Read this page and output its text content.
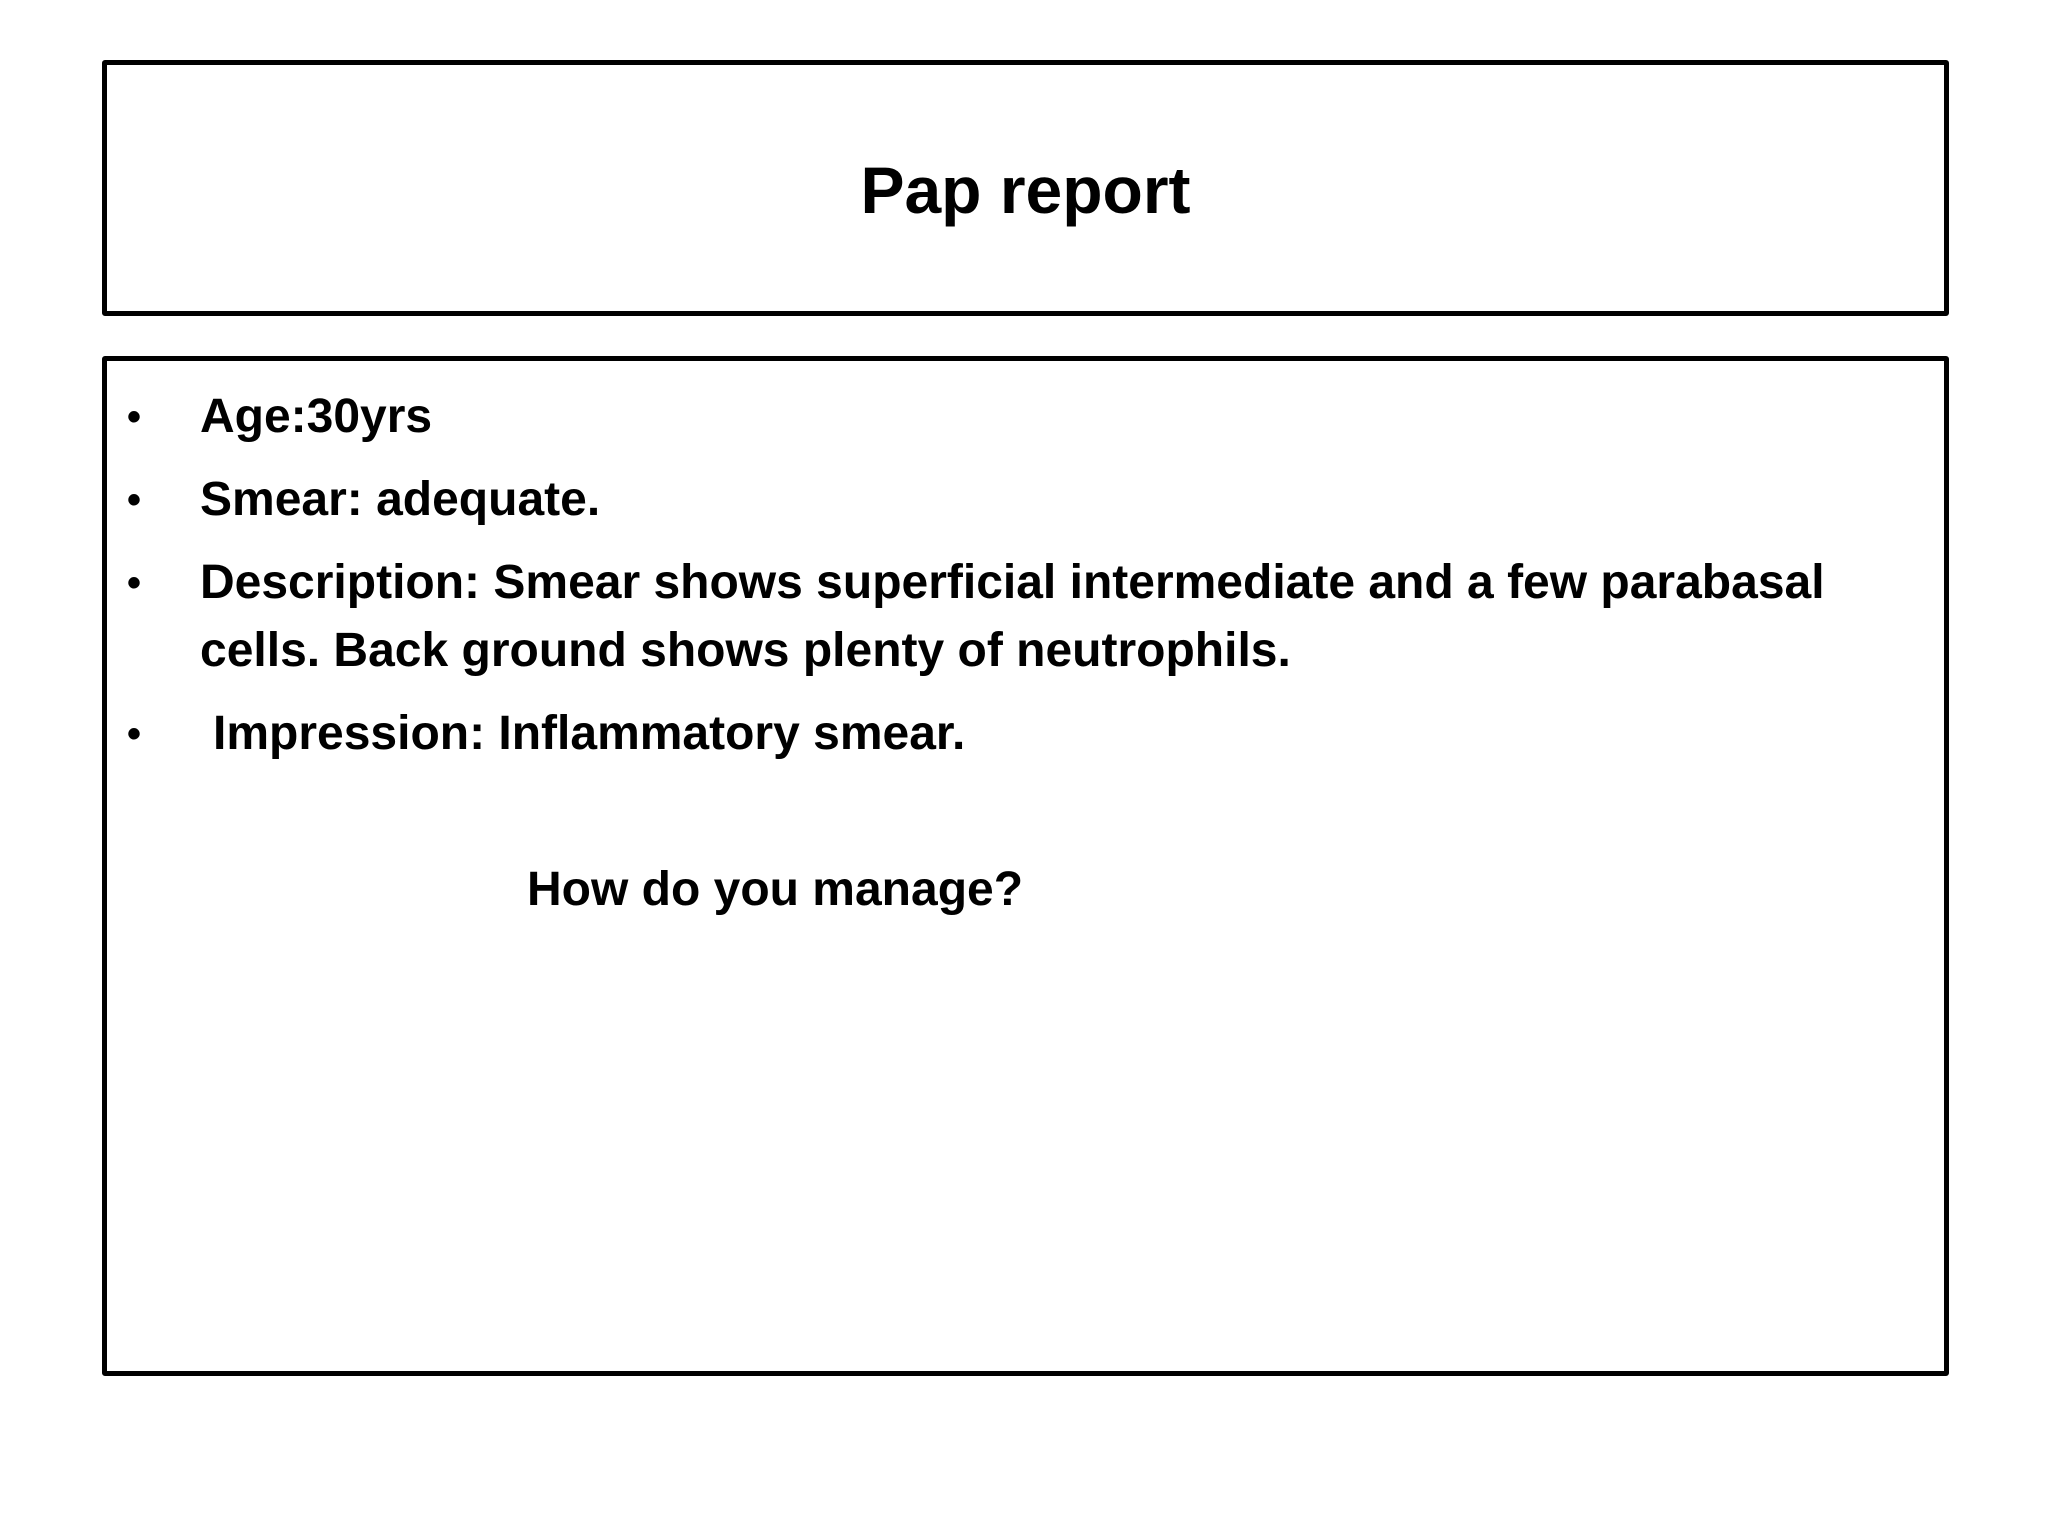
Pap report
• Age:30yrs
• Smear: adequate.
• Description: Smear shows superficial intermediate and a few parabasal cells. Back ground shows plenty of neutrophils.
• Impression: Inflammatory smear.
How do you manage?
